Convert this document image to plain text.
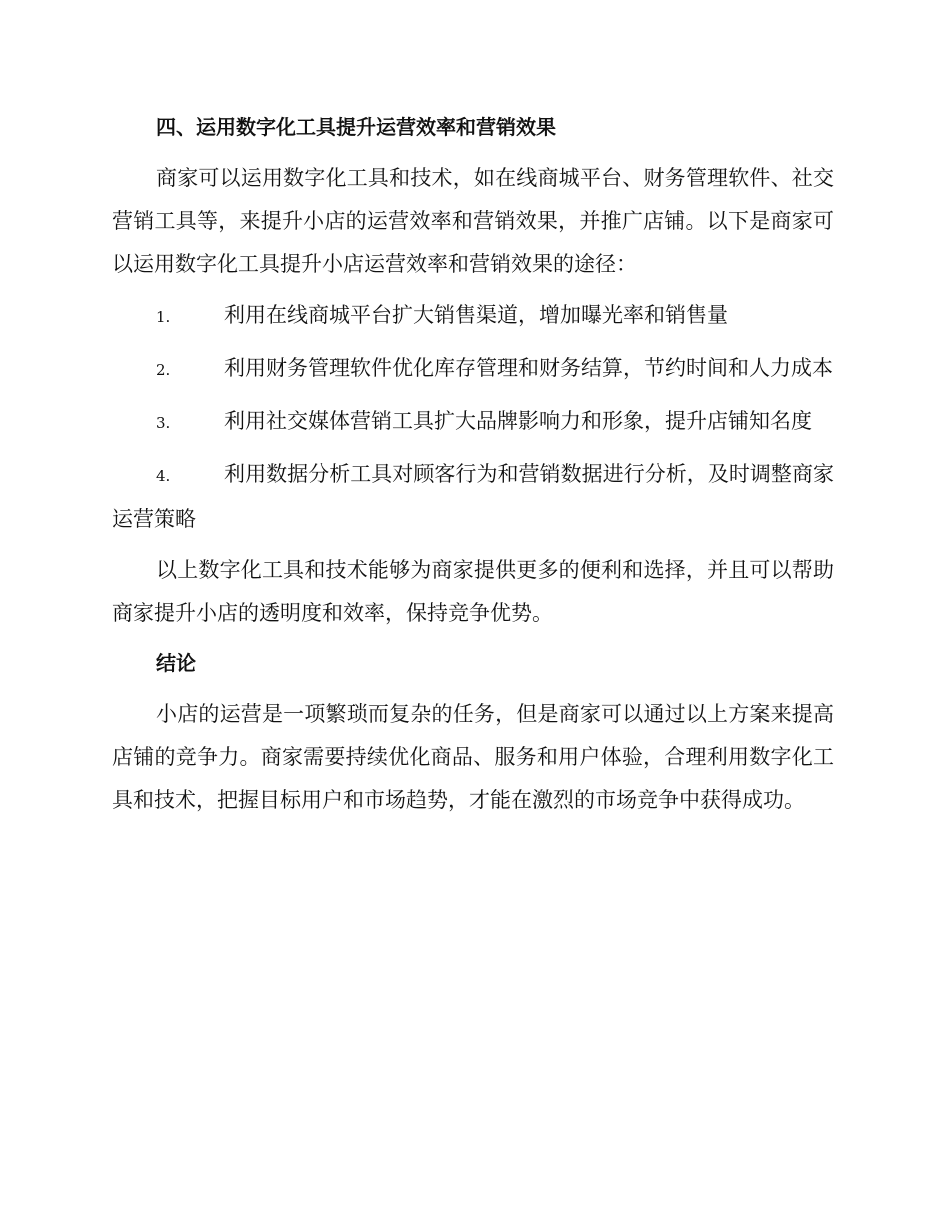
四、运用数字化工具提升运营效率和营销效果

商家可以运用数字化工具和技术，如在线商城平台、财务管理软件、社交营销工具等，来提升小店的运营效率和营销效果，并推广店铺。以下是商家可以运用数字化工具提升小店运营效率和营销效果的途径：

1.	利用在线商城平台扩大销售渠道，增加曝光率和销售量

2.	利用财务管理软件优化库存管理和财务结算，节约时间和人力成本

3.	利用社交媒体营销工具扩大品牌影响力和形象，提升店铺知名度

4.	利用数据分析工具对顾客行为和营销数据进行分析，及时调整商家运营策略

以上数字化工具和技术能够为商家提供更多的便利和选择，并且可以帮助商家提升小店的透明度和效率，保持竞争优势。

结论

小店的运营是一项繁琐而复杂的任务，但是商家可以通过以上方案来提高店铺的竞争力。商家需要持续优化商品、服务和用户体验，合理利用数字化工具和技术，把握目标用户和市场趋势，才能在激烈的市场竞争中获得成功。
